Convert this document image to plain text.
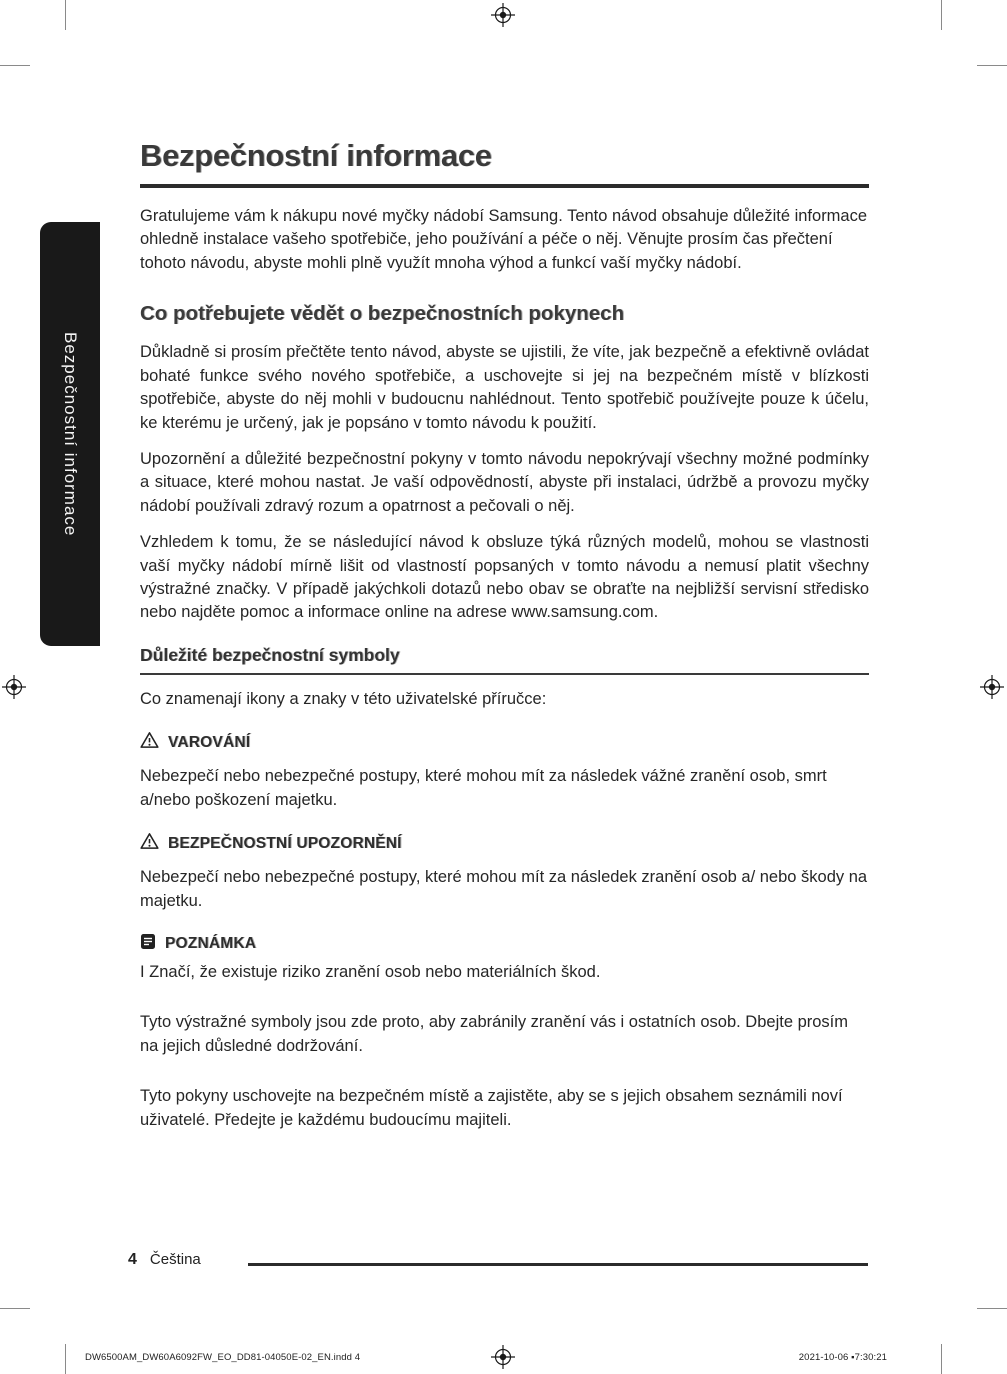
Bezpečnostní informace
Bezpečnostní informace

Gratulujeme vám k nákupu nové myčky nádobí Samsung. Tento návod obsahuje důležité informace ohledně instalace vašeho spotřebiče, jeho používání a péče o něj. Věnujte prosím čas přečtení tohoto návodu, abyste mohli plně využít mnoha výhod a funkcí vaší myčky nádobí.

Co potřebujete vědět o bezpečnostních pokynech

Důkladně si prosím přečtěte tento návod, abyste se ujistili, že víte, jak bezpečně a efektivně ovládat bohaté funkce svého nového spotřebiče, a uschovejte si jej na bezpečném místě v blízkosti spotřebiče, abyste do něj mohli v budoucnu nahlédnout. Tento spotřebič používejte pouze k účelu, ke kterému je určený, jak je popsáno v tomto návodu k použití.

Upozornění a důležité bezpečnostní pokyny v tomto návodu nepokrývají všechny možné podmínky a situace, které mohou nastat. Je vaší odpovědností, abyste při instalaci, údržbě a provozu myčky nádobí používali zdravý rozum a opatrnost a pečovali o něj.

Vzhledem k tomu, že se následující návod k obsluze týká různých modelů, mohou se vlastnosti vaší myčky nádobí mírně lišit od vlastností popsaných v tomto návodu a nemusí platit všechny výstražné značky. V případě jakýchkoli dotazů nebo obav se obraťte na nejbližší servisní středisko nebo najděte pomoc a informace online na adrese www.samsung.com.

Důležité bezpečnostní symboly

Co znamenají ikony a znaky v této uživatelské příručce:

VAROVÁNÍ

Nebezpečí nebo nebezpečné postupy, které mohou mít za následek vážné zranění osob, smrt a/nebo poškození majetku.

BEZPEČNOSTNÍ UPOZORNĚNÍ

Nebezpečí nebo nebezpečné postupy, které mohou mít za následek zranění osob a/ nebo škody na majetku.

POZNÁMKA

I Značí, že existuje riziko zranění osob nebo materiálních škod.

Tyto výstražné symboly jsou zde proto, aby zabránily zranění vás i ostatních osob. Dbejte prosím na jejich důsledné dodržování.

Tyto pokyny uschovejte na bezpečném místě a zajistěte, aby se s jejich obsahem seznámili noví uživatelé. Předejte je každému budoucímu majiteli.

4 Čeština
DW6500AM_DW60A6092FW_EO_DD81-04050E-02_EN.indd 4	2021-10-06 ▪7:30:21
